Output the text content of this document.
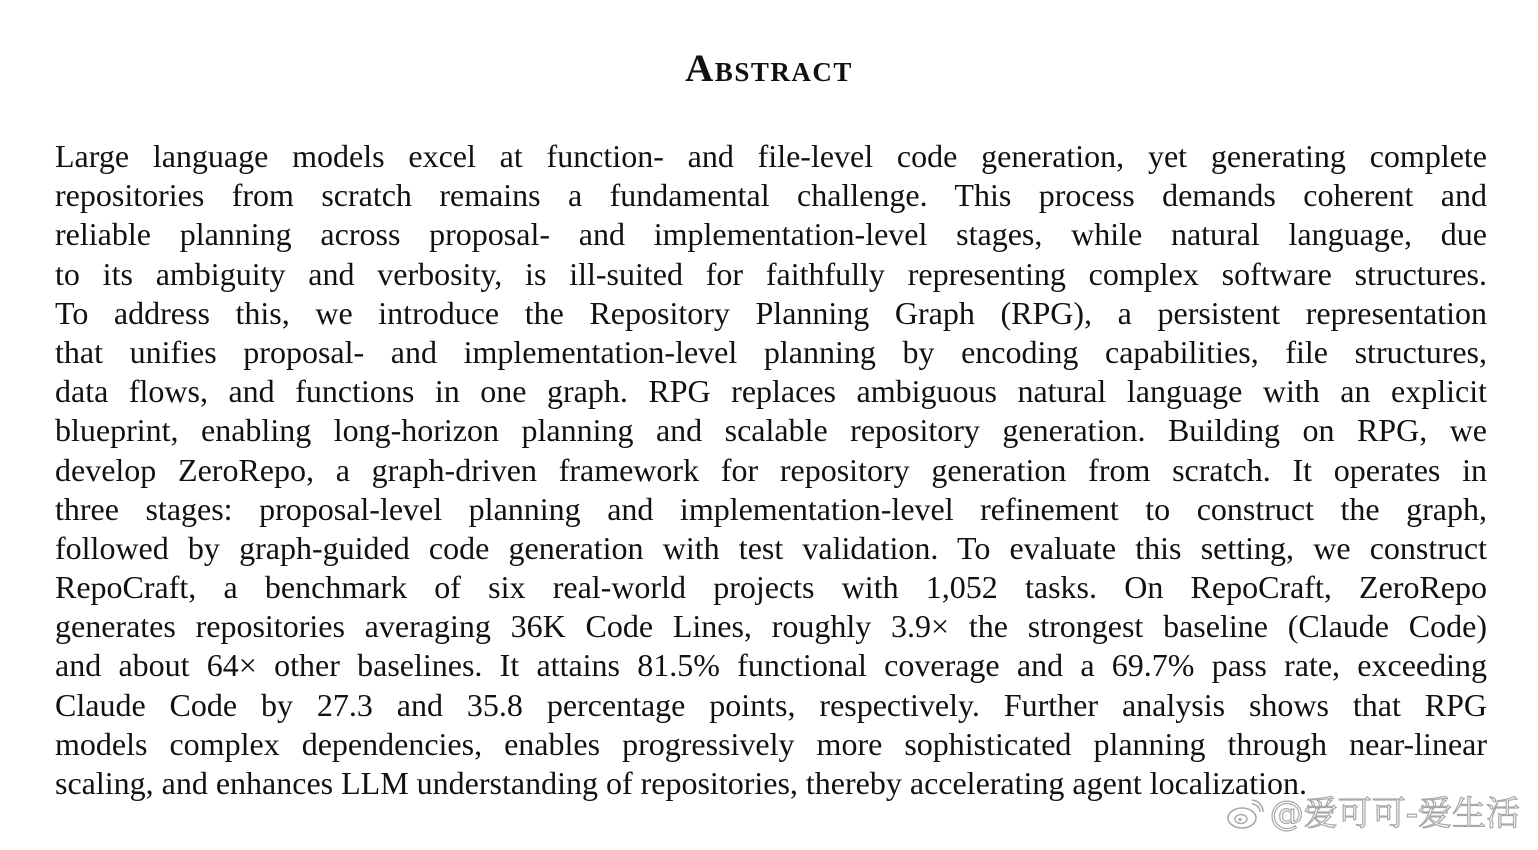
Abstract
Large language models excel at function- and file-level code generation, yet generating complete
repositories from scratch remains a fundamental challenge. This process demands coherent and
reliable planning across proposal- and implementation-level stages, while natural language, due
to its ambiguity and verbosity, is ill-suited for faithfully representing complex software structures.
To address this, we introduce the Repository Planning Graph (RPG), a persistent representation
that unifies proposal- and implementation-level planning by encoding capabilities, file structures,
data flows, and functions in one graph. RPG replaces ambiguous natural language with an explicit
blueprint, enabling long-horizon planning and scalable repository generation. Building on RPG, we
develop ZeroRepo, a graph-driven framework for repository generation from scratch. It operates in
three stages: proposal-level planning and implementation-level refinement to construct the graph,
followed by graph-guided code generation with test validation. To evaluate this setting, we construct
RepoCraft, a benchmark of six real-world projects with 1,052 tasks. On RepoCraft, ZeroRepo
generates repositories averaging 36K Code Lines, roughly 3.9× the strongest baseline (Claude Code)
and about 64× other baselines. It attains 81.5% functional coverage and a 69.7% pass rate, exceeding
Claude Code by 27.3 and 35.8 percentage points, respectively. Further analysis shows that RPG
models complex dependencies, enables progressively more sophisticated planning through near-linear
scaling, and enhances LLM understanding of repositories, thereby accelerating agent localization.
@爱可可-爱生活
